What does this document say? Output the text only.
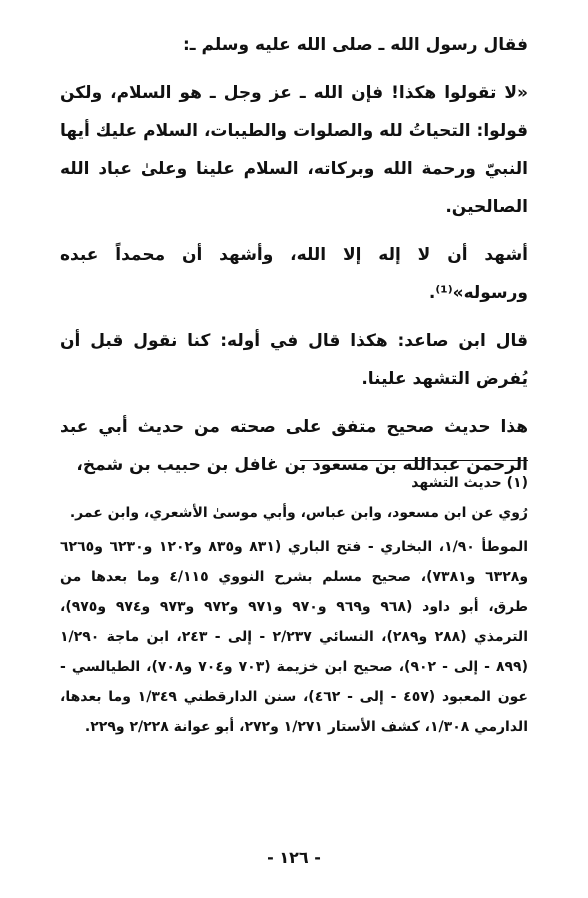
فقال رسول الله ـ صلى الله عليه وسلم ـ:

«لا تقولوا هكذا! فإن الله ـ عز وجل ـ هو السلام، ولكن قولوا: التحياتُ لله والصلوات والطيبات، السلام عليك أيها النبيّ ورحمة الله وبركاته، السلام علينا وعلىٰ عباد الله الصالحين.

أشهد أن لا إله إلا الله، وأشهد أن محمداً عبده ورسوله»⁽¹⁾.

قال ابن صاعد: هكذا قال في أوله: كنا نقول قبل أن يُفرض التشهد علينا.

هذا حديث صحيح متفق على صحته من حديث أبي عبد الرحمن عبدالله بن مسعود بن غافل بن حبيب بن شمخ،

(١) حديث التشهد

رُوي عن ابن مسعود، وابن عباس، وأبي موسىٰ الأشعري، وابن عمر.

الموطأ ١/٩٠، البخاري - فتح الباري (٨٣١ و٨٣٥ و١٢٠٢ و٦٢٣٠ و٦٢٦٥ و٦٣٢٨ و٧٣٨١)، صحيح مسلم بشرح النووي ٤/١١٥ وما بعدها من طرق، أبو داود (٩٦٨ و٩٦٩ و٩٧٠ و٩٧١ و٩٧٢ و٩٧٣ و٩٧٤ و٩٧٥)، الترمذي (٢٨٨ و٢٨٩)، النسائي ٢/٢٣٧ - إلى - ٢٤٣، ابن ماجة ١/٢٩٠ (٨٩٩ - إلى - ٩٠٢)، صحيح ابن خزيمة (٧٠٣ و٧٠٤ و٧٠٨)، الطيالسي - عون المعبود (٤٥٧ - إلى - ٤٦٢)، سنن الدارقطني ١/٣٤٩ وما بعدها، الدارمي ١/٣٠٨، كشف الأستار ١/٢٧١ و٢٧٢، أبو عوانة ٢/٢٢٨ و٢٢٩.

- ١٢٦ -
